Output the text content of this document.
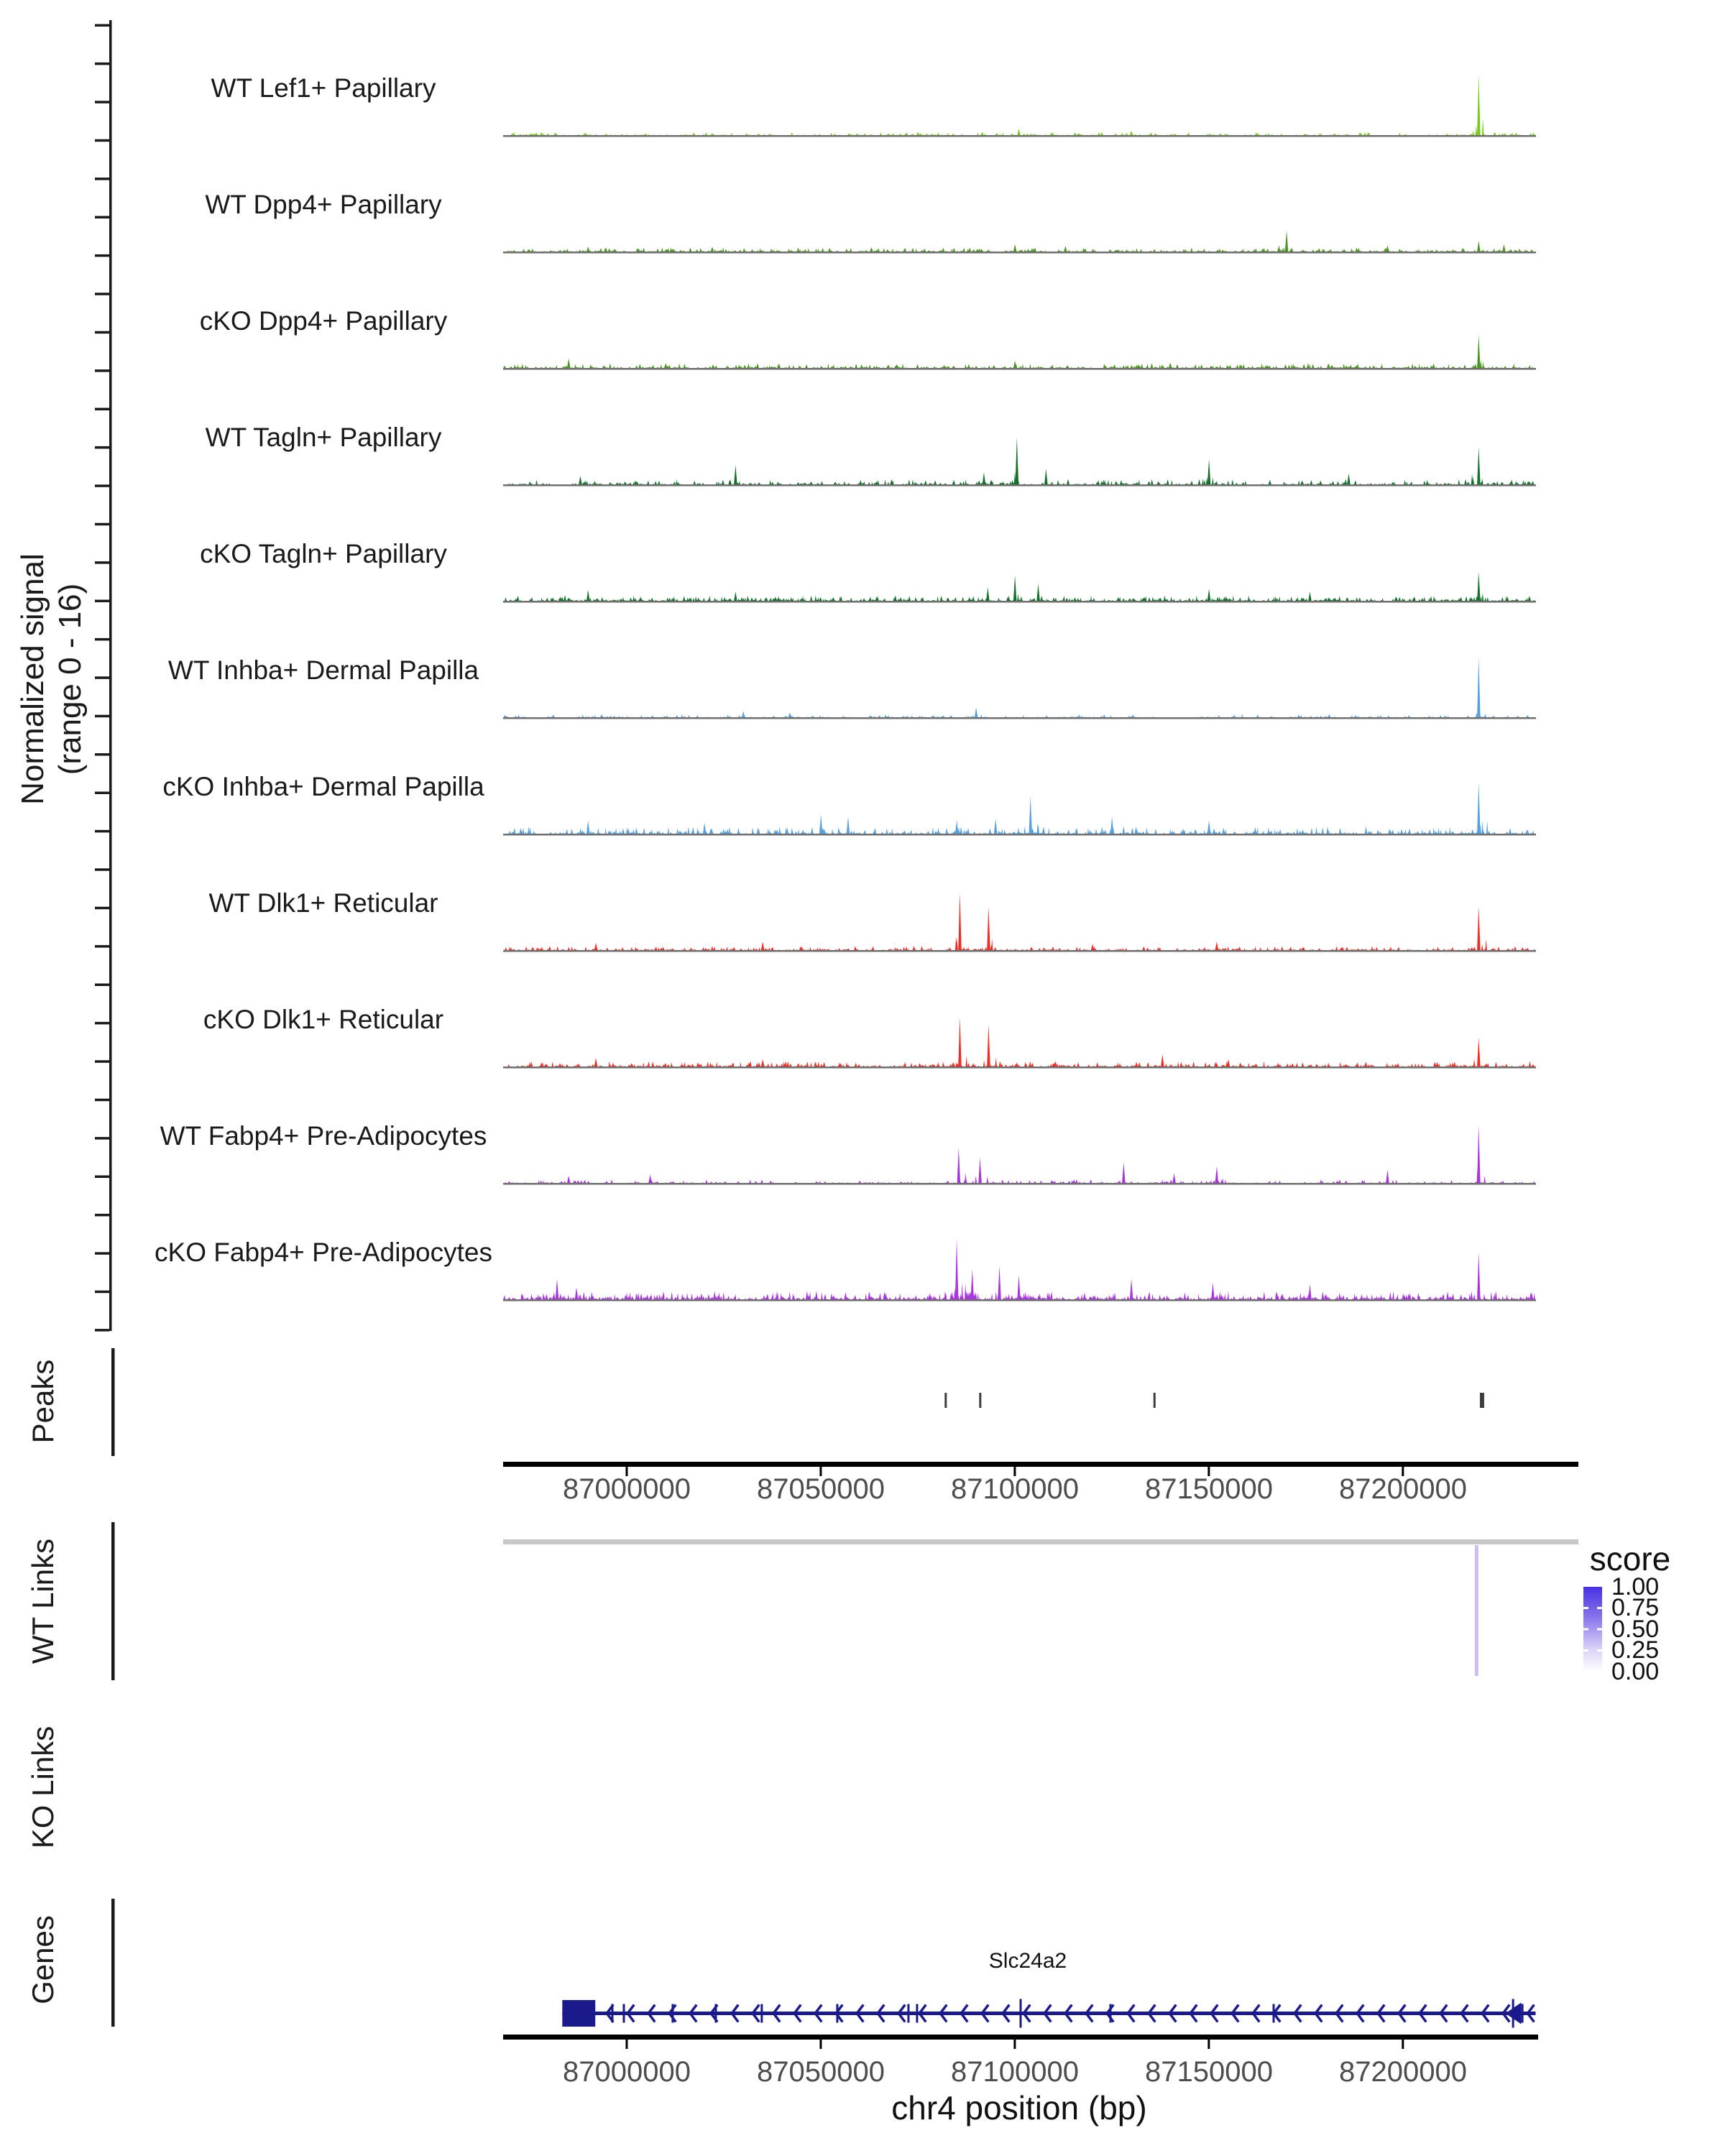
Normalized signal (range 0 - 16)
Peaks
WT Links
KO Links
Genes
WT Lef1+ Papillary
WT Dpp4+ Papillary
cKO Dpp4+ Papillary
WT Tagln+ Papillary
cKO Tagln+ Papillary
WT Inhba+ Dermal Papilla
cKO Inhba+ Dermal Papilla
WT Dlk1+ Reticular
cKO Dlk1+ Reticular
WT Fabp4+ Pre-Adipocytes
cKO Fabp4+ Pre-Adipocytes
87000000	87050000	87100000	87150000	87200000
score
1.00
0.75
0.50
0.25
0.00
Slc24a2
87000000	87050000	87100000	87150000	87200000
chr4 position (bp)
